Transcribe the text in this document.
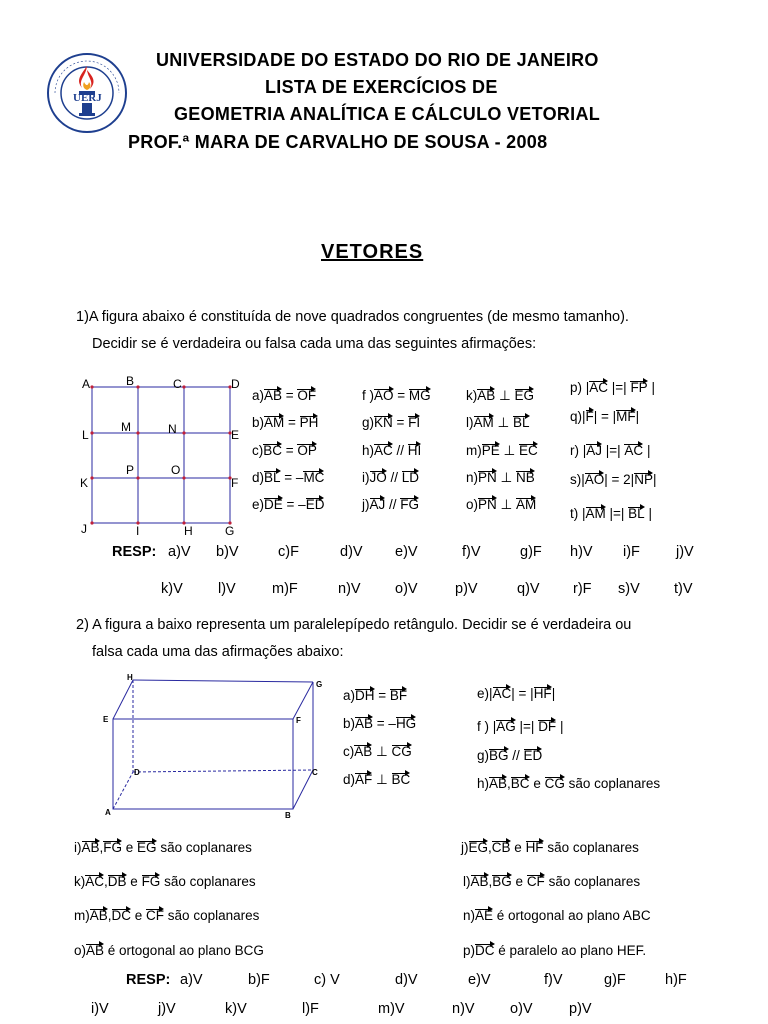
UERJ
UNIVERSIDADE DO ESTADO DO RIO DE JANEIRO
LISTA DE EXERCÍCIOS DE
GEOMETRIA ANALÍTICA E CÁLCULO VETORIAL
PROF.ª MARA DE CARVALHO DE SOUSA - 2008
VETORES
1)A figura abaixo é constituída de nove quadrados congruentes (de mesmo tamanho).
Decidir se é verdadeira ou falsa cada uma das seguintes afirmações:
A	B	C	D
L
M	N	E
K
P	O
F
J	I	H	G
a)AB = OF
b)AM = PH
c)BC = OP
d)BL = –MC
e)DE = –ED
f )AO = MG
g)KN = FI
h)AC // HI
i)JO // LD
j)AJ // FG
k)AB ⊥ EG
l)AM ⊥ BL
m)PE ⊥ EC
n)PN ⊥ NB
o)PN ⊥ AM
p) |AC |=| FP |
q)|F| = |MF|
r) |AJ |=| AC |
s)|AO| = 2|NP|
t) |AM |=| BL |
RESP: a)V b)V	c)F	d)V e)V	f)V	g)F h)V i)F j)V
k)V l)V	m)F	n)V o)V	p)V	q)V r)F s)V t)V
2) A figura a baixo representa um paralelepípedo retângulo. Decidir se é verdadeira ou
falsa cada uma das afirmações abaixo:
H
G
E	F
D	C
A	B
a)DH = BF
b)AB = –HG
c)AB ⊥ CG
d)AF ⊥ BC
e)|AC| = |HF|
f ) |AG |=| DF |
g)BG // ED
h)AB,BC e CG são coplanares
i)AB,FG e EG são coplanares	j)EG,CB e HF são coplanares
k)AC,DB e FG são coplanares	l)AB,BG e CF são coplanares
m)AB,DC e CF são coplanares	n)AE é ortogonal ao plano ABC
o)AB é ortogonal ao plano BCG	p)DC é paralelo ao plano HEF.
RESP: a)V	b)F	c) V	d)V	e)V	f)V	g)F	h)F
i)V	j)V	k)V	l)F	m)V	n)V o)V	p)V
